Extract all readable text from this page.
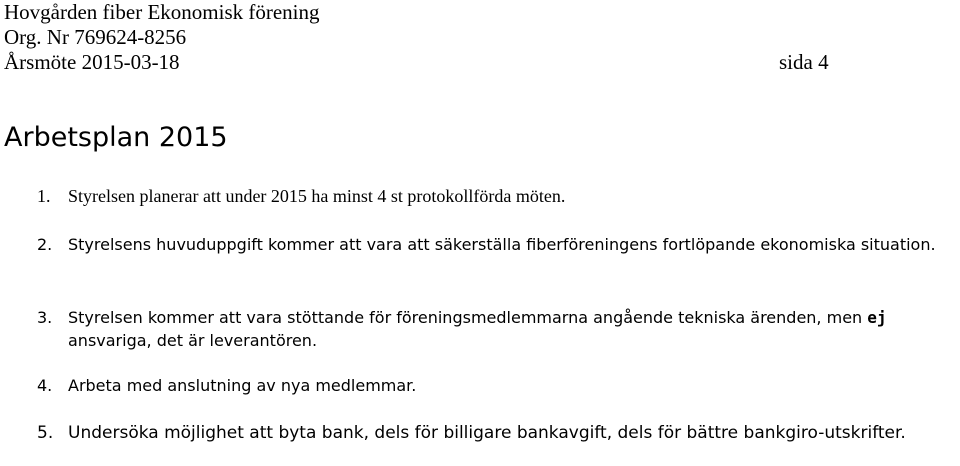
Hovgården fiber Ekonomisk förening
Org. Nr 769624-8256
Årsmöte 2015-03-18	sida 4
Arbetsplan 2015
1. Styrelsen planerar att under 2015 ha minst 4 st protokollförda möten.
2. Styrelsens huvuduppgift kommer att vara att säkerställa fiberföreningens fortlöpande ekonomiska situation.
3. Styrelsen kommer att vara stöttande för föreningsmedlemmarna angående tekniska ärenden, men ej ansvariga, det är leverantören.
4. Arbeta med anslutning av nya medlemmar.
5. Undersöka möjlighet att byta bank, dels för billigare bankavgift, dels för bättre bankgiro-utskrifter.
